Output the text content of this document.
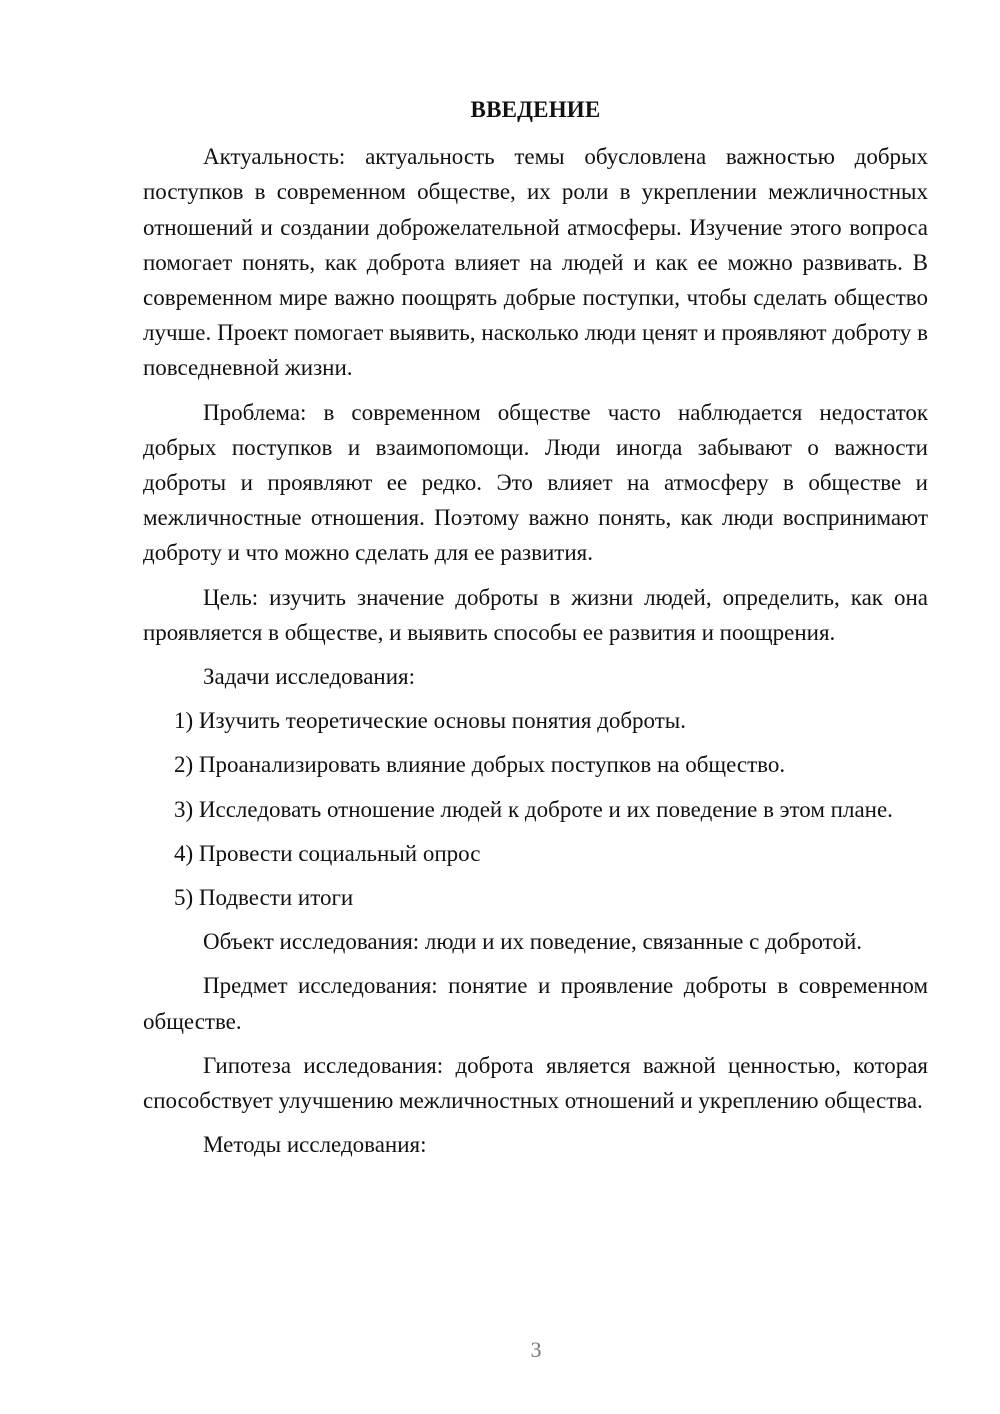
ВВЕДЕНИЕ

Актуальность: актуальность темы обусловлена важностью добрых поступков в современном обществе, их роли в укреплении межличностных отношений и создании доброжелательной атмосферы. Изучение этого вопроса помогает понять, как доброта влияет на людей и как ее можно развивать. В современном мире важно поощрять добрые поступки, чтобы сделать общество лучше. Проект помогает выявить, насколько люди ценят и проявляют доброту в повседневной жизни.

Проблема: в современном обществе часто наблюдается недостаток добрых поступков и взаимопомощи. Люди иногда забывают о важности доброты и проявляют ее редко. Это влияет на атмосферу в обществе и межличностные отношения. Поэтому важно понять, как люди воспринимают доброту и что можно сделать для ее развития.

Цель: изучить значение доброты в жизни людей, определить, как она проявляется в обществе, и выявить способы ее развития и поощрения.

Задачи исследования:

1) Изучить теоретические основы понятия доброты.

2) Проанализировать влияние добрых поступков на общество.

3) Исследовать отношение людей к доброте и их поведение в этом плане.

4) Провести социальный опрос

5) Подвести итоги

Объект исследования: люди и их поведение, связанные с добротой.

Предмет исследования: понятие и проявление доброты в современном обществе.

Гипотеза исследования: доброта является важной ценностью, которая способствует улучшению межличностных отношений и укреплению общества.

Методы исследования:

3
